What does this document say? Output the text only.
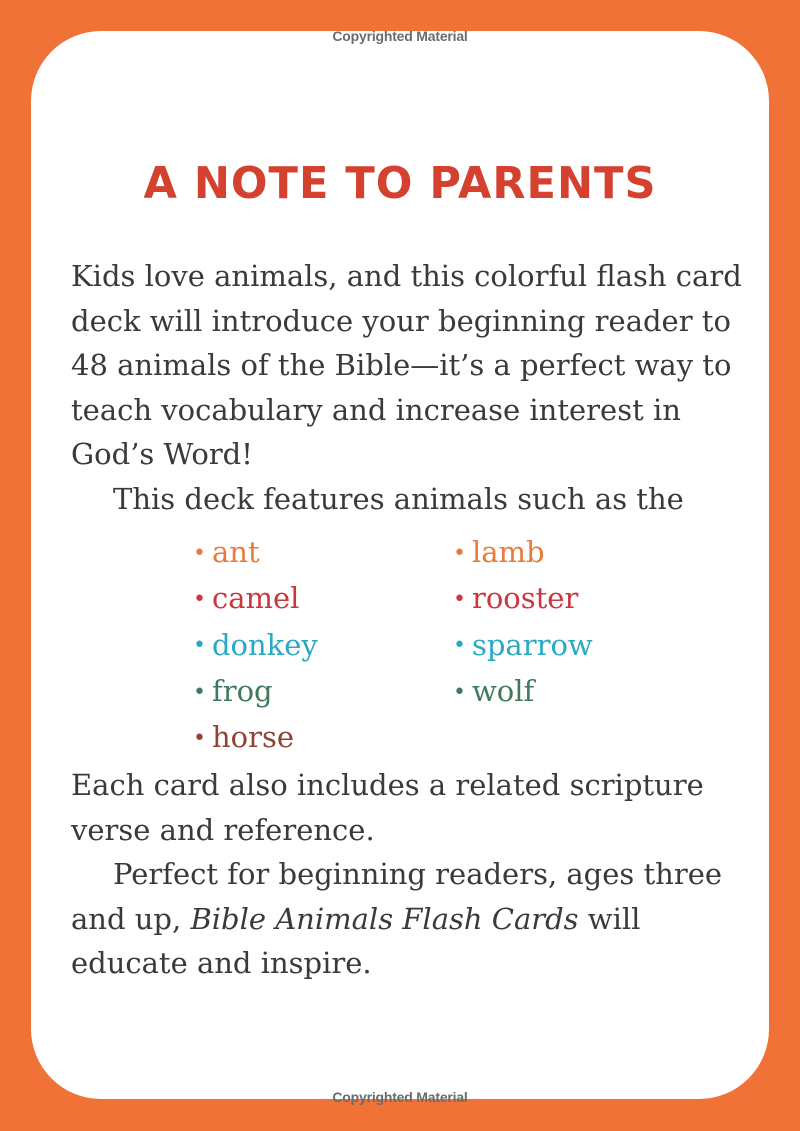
Copyrighted Material
A NOTE TO PARENTS
Kids love animals, and this colorful flash card deck will introduce your beginning reader to 48 animals of the Bible—it’s a perfect way to teach vocabulary and increase interest in God’s Word!
This deck features animals such as the
• ant
• camel
• donkey
• frog
• horse
• lamb
• rooster
• sparrow
• wolf
Each card also includes a related scripture verse and reference.
Perfect for beginning readers, ages three and up, Bible Animals Flash Cards will educate and inspire.
Copyrighted Material
